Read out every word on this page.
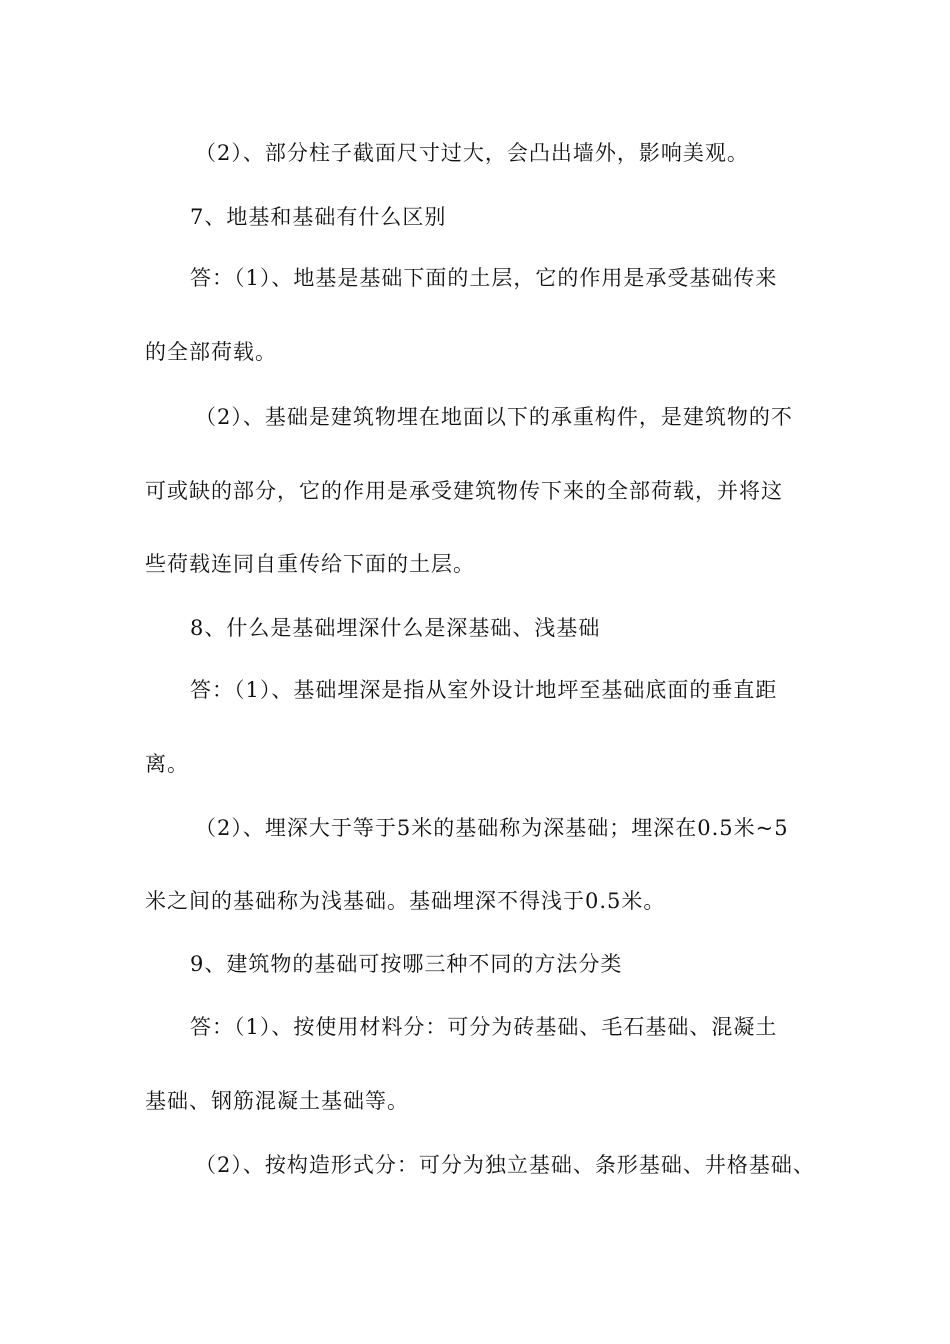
（2）、部分柱子截面尺寸过大，会凸出墙外，影响美观。
7、地基和基础有什么区别
答：（1）、地基是基础下面的土层，它的作用是承受基础传来
的全部荷载。
（2）、基础是建筑物埋在地面以下的承重构件，是建筑物的不
可或缺的部分，它的作用是承受建筑物传下来的全部荷载，并将这
些荷载连同自重传给下面的土层。
8、什么是基础埋深什么是深基础、浅基础
答：（1）、基础埋深是指从室外设计地坪至基础底面的垂直距
离。
（2）、埋深大于等于5米的基础称为深基础；埋深在0.5米~5
米之间的基础称为浅基础。基础埋深不得浅于0.5米。
9、建筑物的基础可按哪三种不同的方法分类
答：（1）、按使用材料分：可分为砖基础、毛石基础、混凝土
基础、钢筋混凝土基础等。
（2）、按构造形式分：可分为独立基础、条形基础、井格基础、
